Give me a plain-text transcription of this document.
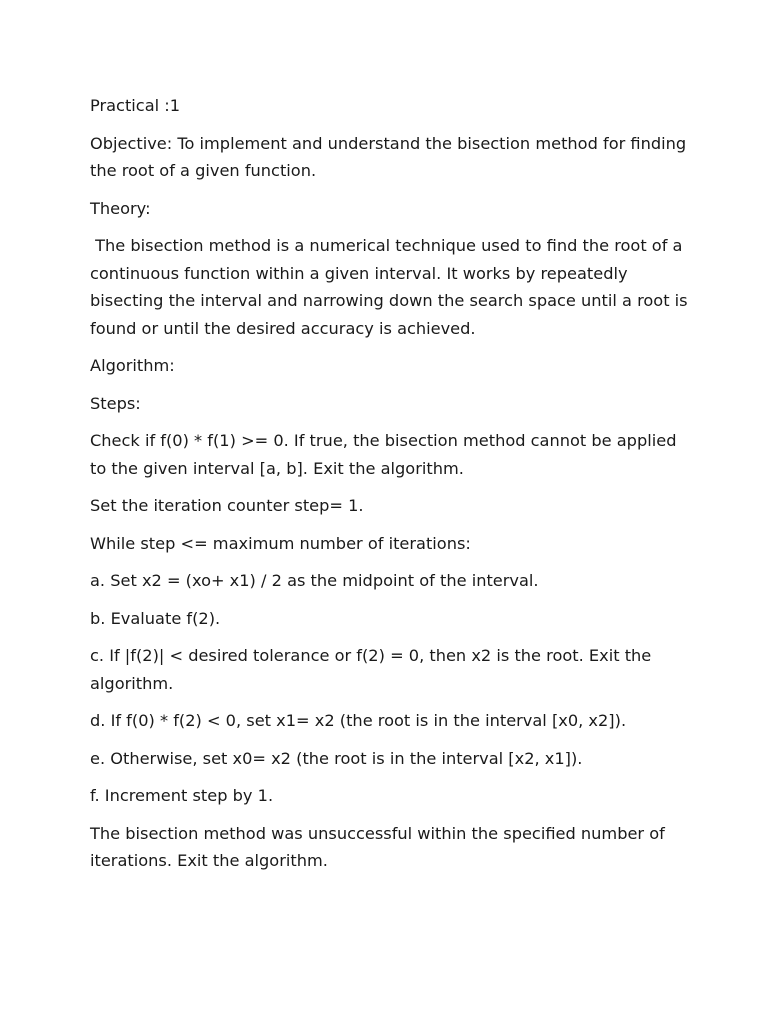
Practical :1

Objective: To implement and understand the bisection method for finding the root of a given function.

Theory:

The bisection method is a numerical technique used to find the root of a continuous function within a given interval. It works by repeatedly bisecting the interval and narrowing down the search space until a root is found or until the desired accuracy is achieved.

Algorithm:

Steps:

Check if f(0) * f(1) >= 0. If true, the bisection method cannot be applied to the given interval [a, b]. Exit the algorithm.

Set the iteration counter step= 1.

While step <= maximum number of iterations:

a. Set x2 = (xo+ x1) / 2 as the midpoint of the interval.

b. Evaluate f(2).

c. If |f(2)| < desired tolerance or f(2) = 0, then x2 is the root. Exit the algorithm.

d. If f(0) * f(2) < 0, set x1= x2 (the root is in the interval [x0, x2]).

e. Otherwise, set x0= x2 (the root is in the interval [x2, x1]).

f. Increment step by 1.

The bisection method was unsuccessful within the specified number of iterations. Exit the algorithm.
